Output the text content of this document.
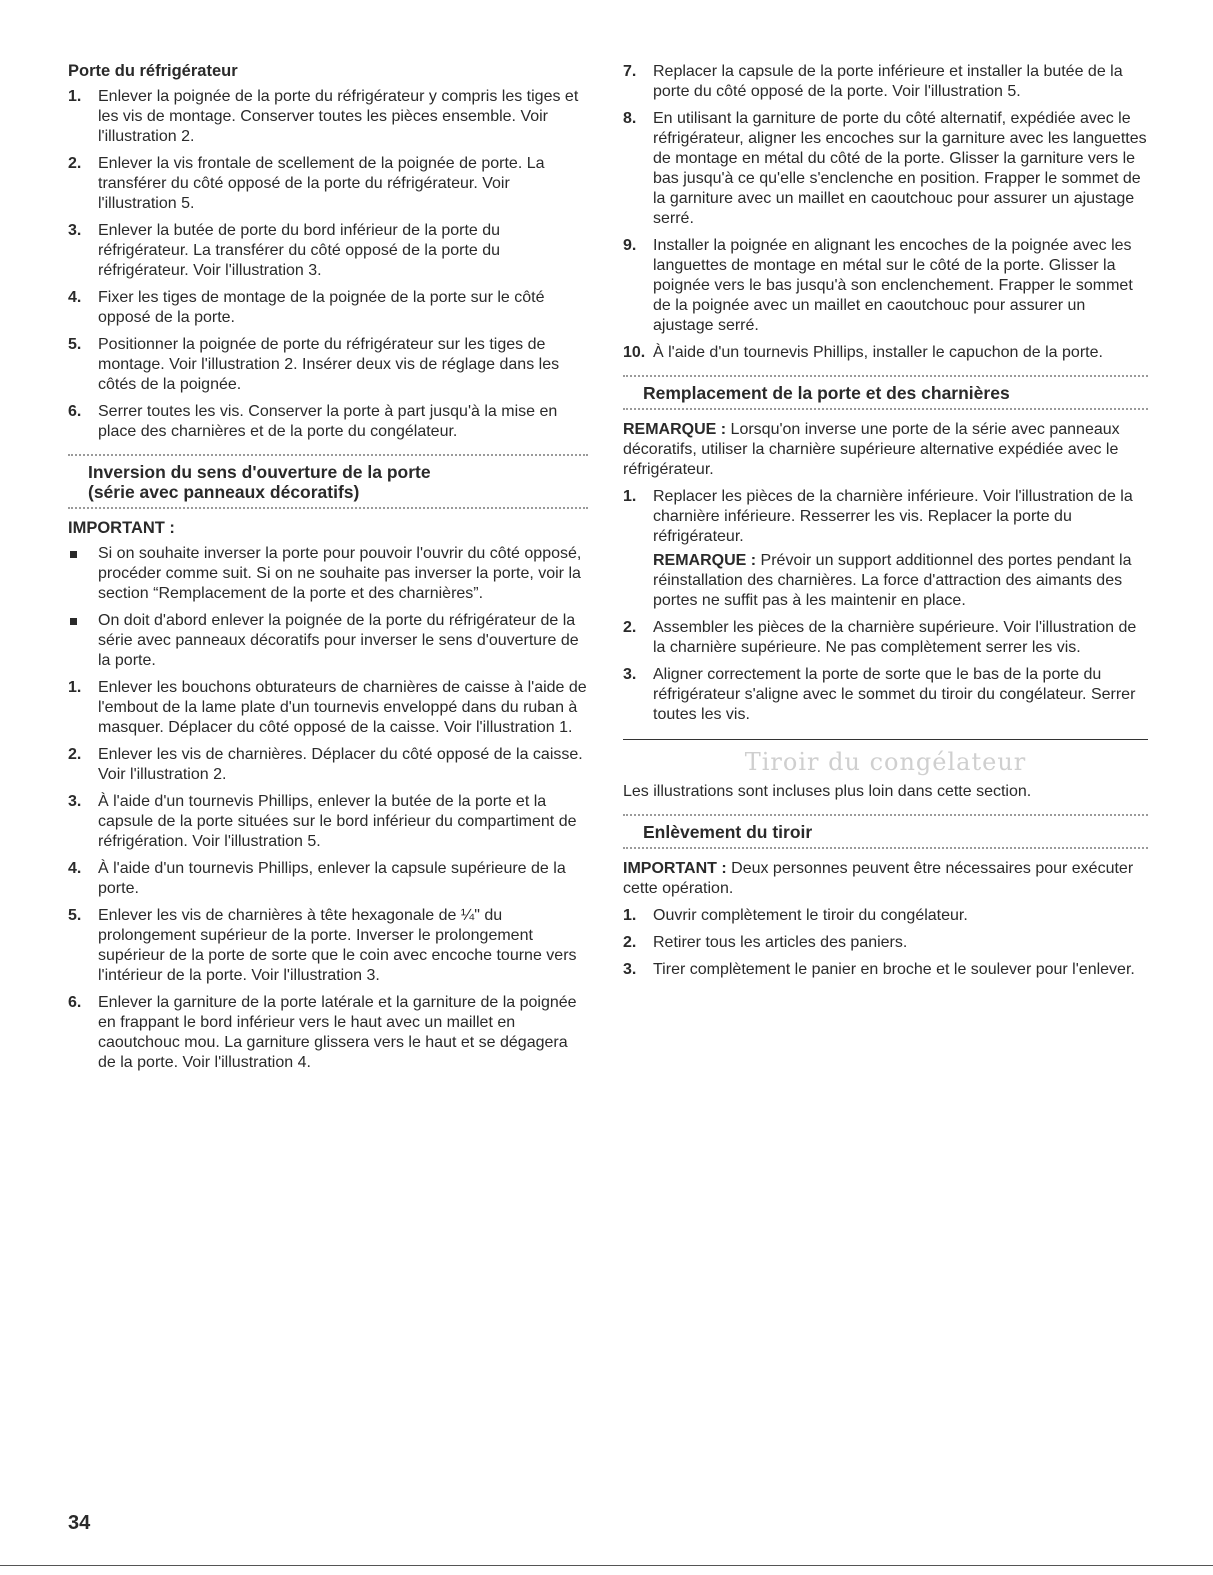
Porte du réfrigérateur
1. Enlever la poignée de la porte du réfrigérateur y compris les tiges et les vis de montage. Conserver toutes les pièces ensemble. Voir l'illustration 2.
2. Enlever la vis frontale de scellement de la poignée de porte. La transférer du côté opposé de la porte du réfrigérateur. Voir l'illustration 5.
3. Enlever la butée de porte du bord inférieur de la porte du réfrigérateur. La transférer du côté opposé de la porte du réfrigérateur. Voir l'illustration 3.
4. Fixer les tiges de montage de la poignée de la porte sur le côté opposé de la porte.
5. Positionner la poignée de porte du réfrigérateur sur les tiges de montage. Voir l'illustration 2. Insérer deux vis de réglage dans les côtés de la poignée.
6. Serrer toutes les vis. Conserver la porte à part jusqu'à la mise en place des charnières et de la porte du congélateur.
Inversion du sens d'ouverture de la porte
(série avec panneaux décoratifs)
IMPORTANT :
Si on souhaite inverser la porte pour pouvoir l'ouvrir du côté opposé, procéder comme suit. Si on ne souhaite pas inverser la porte, voir la section “Remplacement de la porte et des charnières”.
On doit d'abord enlever la poignée de la porte du réfrigérateur de la série avec panneaux décoratifs pour inverser le sens d'ouverture de la porte.
1. Enlever les bouchons obturateurs de charnières de caisse à l'aide de l'embout de la lame plate d'un tournevis enveloppé dans du ruban à masquer. Déplacer du côté opposé de la caisse. Voir l'illustration 1.
2. Enlever les vis de charnières. Déplacer du côté opposé de la caisse. Voir l'illustration 2.
3. À l'aide d'un tournevis Phillips, enlever la butée de la porte et la capsule de la porte situées sur le bord inférieur du compartiment de réfrigération. Voir l'illustration 5.
4. À l'aide d'un tournevis Phillips, enlever la capsule supérieure de la porte.
5. Enlever les vis de charnières à tête hexagonale de ¼" du prolongement supérieur de la porte. Inverser le prolongement supérieur de la porte de sorte que le coin avec encoche tourne vers l'intérieur de la porte. Voir l'illustration 3.
6. Enlever la garniture de la porte latérale et la garniture de la poignée en frappant le bord inférieur vers le haut avec un maillet en caoutchouc mou. La garniture glissera vers le haut et se dégagera de la porte. Voir l'illustration 4.
7. Replacer la capsule de la porte inférieure et installer la butée de la porte du côté opposé de la porte. Voir l'illustration 5.
8. En utilisant la garniture de porte du côté alternatif, expédiée avec le réfrigérateur, aligner les encoches sur la garniture avec les languettes de montage en métal du côté de la porte. Glisser la garniture vers le bas jusqu'à ce qu'elle s'enclenche en position. Frapper le sommet de la garniture avec un maillet en caoutchouc pour assurer un ajustage serré.
9. Installer la poignée en alignant les encoches de la poignée avec les languettes de montage en métal sur le côté de la porte. Glisser la poignée vers le bas jusqu'à son enclenchement. Frapper le sommet de la poignée avec un maillet en caoutchouc pour assurer un ajustage serré.
10. À l'aide d'un tournevis Phillips, installer le capuchon de la porte.
Remplacement de la porte et des charnières

REMARQUE : Lorsqu'on inverse une porte de la série avec panneaux décoratifs, utiliser la charnière supérieure alternative expédiée avec le réfrigérateur.

1. Replacer les pièces de la charnière inférieure. Voir l'illustration de la charnière inférieure. Resserrer les vis. Replacer la porte du réfrigérateur.

REMARQUE : Prévoir un support additionnel des portes pendant la réinstallation des charnières. La force d'attraction des aimants des portes ne suffit pas à les maintenir en place.

2. Assembler les pièces de la charnière supérieure. Voir l'illustration de la charnière supérieure. Ne pas complètement serrer les vis.
3. Aligner correctement la porte de sorte que le bas de la porte du réfrigérateur s'aligne avec le sommet du tiroir du congélateur. Serrer toutes les vis.
Tiroir du congélateur

Les illustrations sont incluses plus loin dans cette section.

Enlèvement du tiroir

IMPORTANT : Deux personnes peuvent être nécessaires pour exécuter cette opération.

1. Ouvrir complètement le tiroir du congélateur.
2. Retirer tous les articles des paniers.
3. Tirer complètement le panier en broche et le soulever pour l'enlever.
34
